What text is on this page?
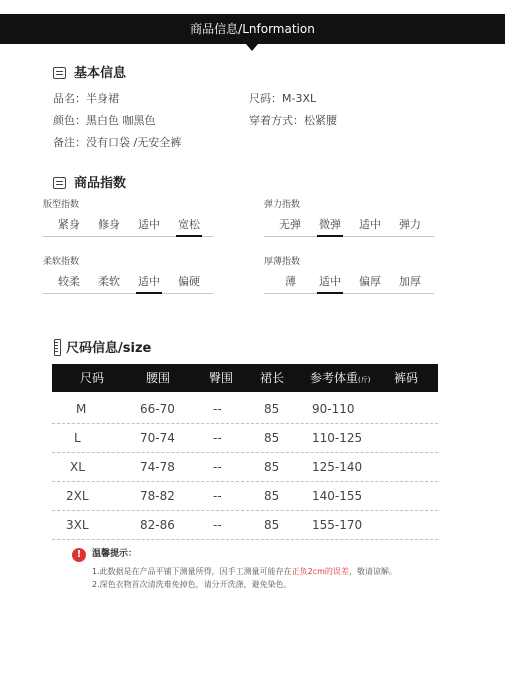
商品信息/Lnformation
基本信息
品名：半身裙	尺码：M-3XL
颜色：黑白色 咖黑色	穿着方式：松紧腰
备注：没有口袋 /无安全裤
商品指数
版型指数
紧身 修身 适中 宽松
弹力指数
无弹 微弹 适中 弹力
柔软指数
较柔 柔软 适中 偏硬
厚薄指数
薄 适中 偏厚 加厚
尺码信息/size
尺码	腰围	臀围 裙长 参考体重(斤) 裤码
M	66-70	--	85	90-110
L	70-74	--	85	110-125
XL	74-78	--	85	125-140
2XL	78-82	--	85	140-155
3XL	82-86	--	85	155-170
!	温馨提示：
1.此数据是在产品平铺下测量所得，因手工测量可能存在正负2cm的误差，敬请谅解。
2.深色衣物首次清洗难免掉色，请分开洗涤，避免染色。
